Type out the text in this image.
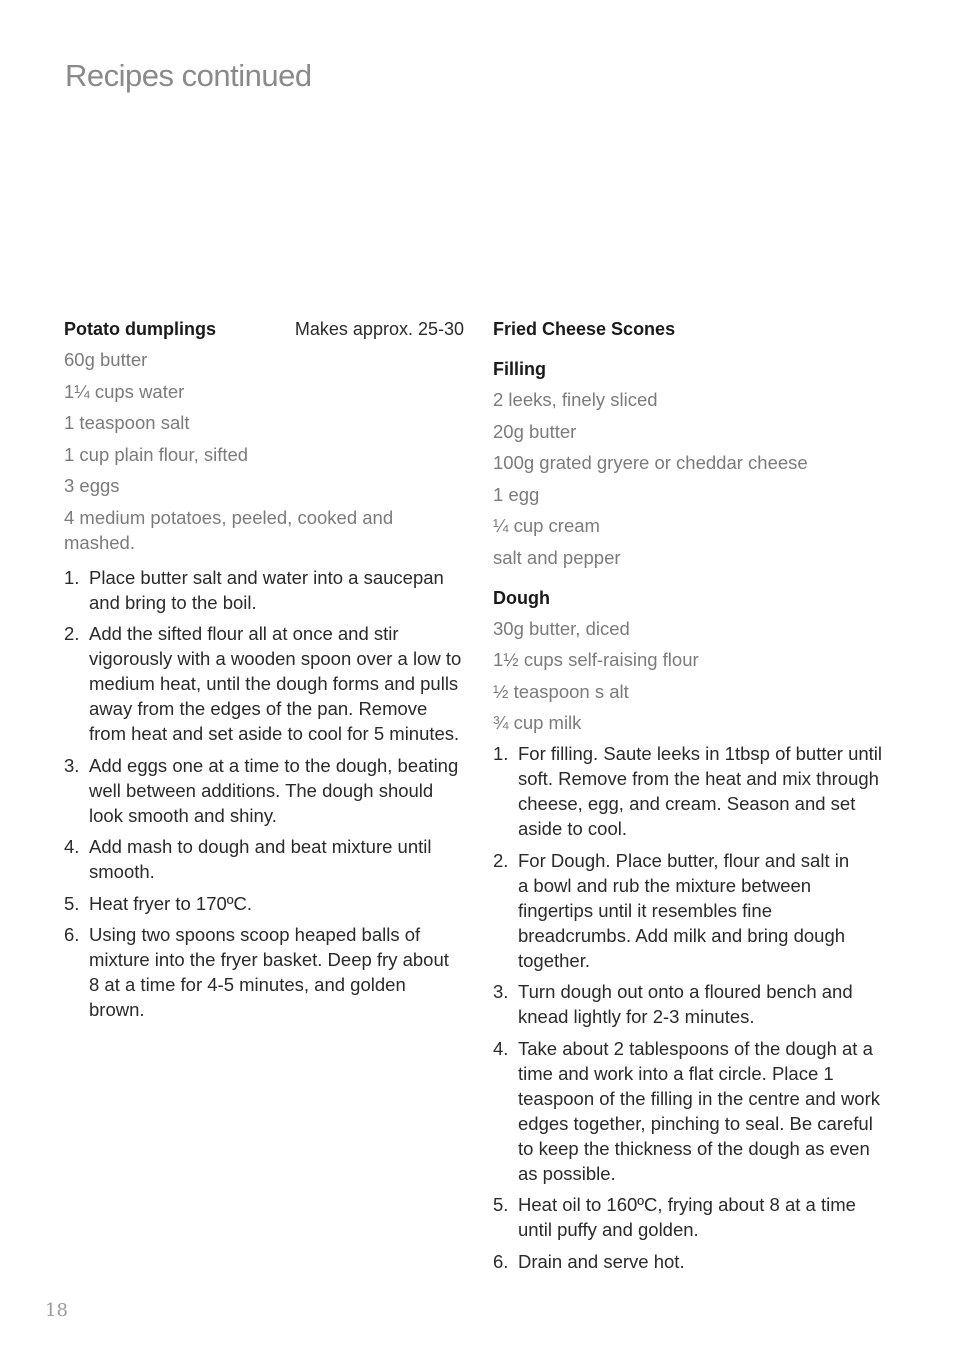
Recipes continued
Potato dumplings	Makes approx. 25-30
60g butter
1¼ cups water
1 teaspoon salt
1 cup plain flour, sifted
3 eggs
4 medium potatoes, peeled, cooked and mashed.
1. Place butter salt and water into a saucepan and bring to the boil.
2. Add the sifted flour all at once and stir vigorously with a wooden spoon over a low to medium heat, until the dough forms and pulls away from the edges of the pan. Remove from heat and set aside to cool for 5 minutes.
3. Add eggs one at a time to the dough, beating well between additions. The dough should look smooth and shiny.
4. Add mash to dough and beat mixture until smooth.
5. Heat fryer to 170ºC.
6. Using two spoons scoop heaped balls of mixture into the fryer basket. Deep fry about 8 at a time for 4-5 minutes, and golden brown.
Fried Cheese Scones
Filling
2 leeks, finely sliced
20g butter
100g grated gryere or cheddar cheese
1 egg
¼ cup cream
salt and pepper
Dough
30g butter, diced
1½ cups self-raising flour
½ teaspoon s alt
¾ cup milk
1. For filling. Saute leeks in 1tbsp of butter until soft. Remove from the heat and mix through cheese, egg, and cream. Season and set aside to cool.
2. For Dough. Place butter, flour and salt in a bowl and rub the mixture between fingertips until it resembles fine breadcrumbs. Add milk and bring dough together.
3. Turn dough out onto a floured bench and knead lightly for 2-3 minutes.
4. Take about 2 tablespoons of the dough at a time and work into a flat circle. Place 1 teaspoon of the filling in the centre and work edges together, pinching to seal. Be careful to keep the thickness of the dough as even as possible.
5. Heat oil to 160ºC, frying about 8 at a time until puffy and golden.
6. Drain and serve hot.
18
